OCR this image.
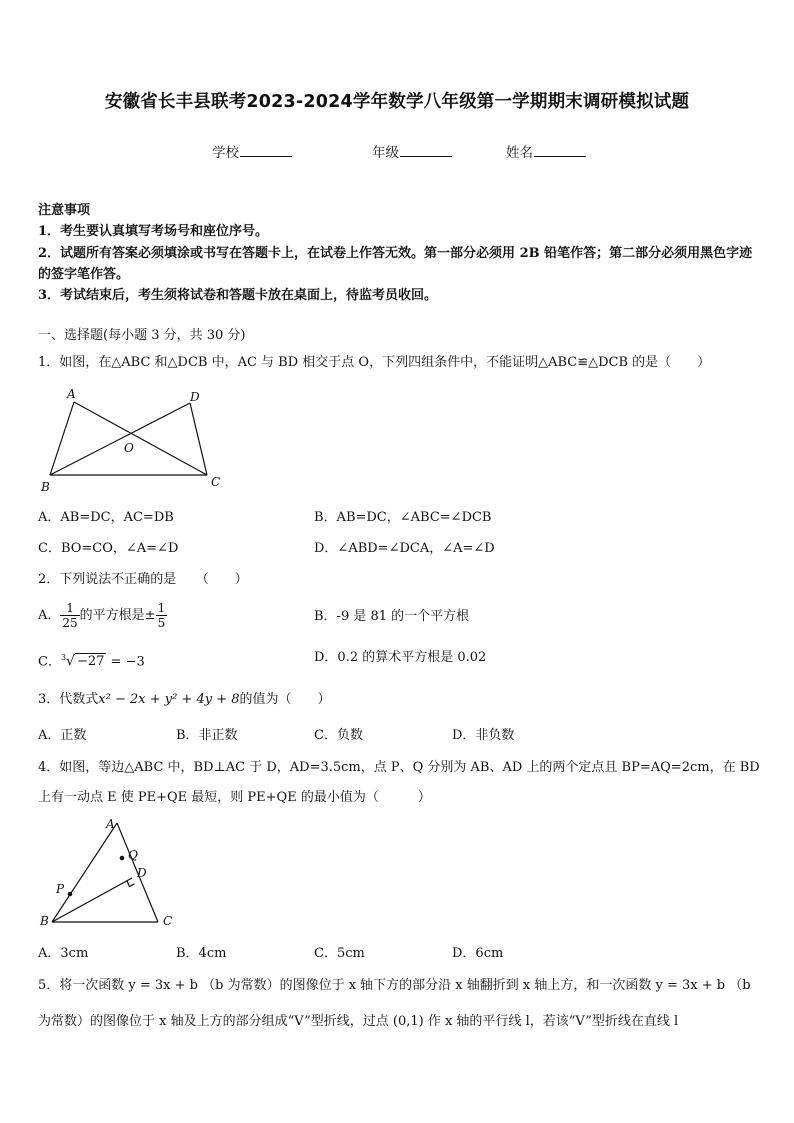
安徽省长丰县联考2023-2024学年数学八年级第一学期期末调研模拟试题
学校	年级	姓名
注意事项
1．考生要认真填写考场号和座位序号。
2．试题所有答案必须填涂或书写在答题卡上，在试卷上作答无效。第一部分必须用 2B 铅笔作答；第二部分必须用黑色字迹的签字笔作答。
3．考试结束后，考生须将试卷和答题卡放在桌面上，待监考员收回。
一、选择题(每小题 3 分，共 30 分)
1．如图，在△ABC 和△DCB 中，AC 与 BD 相交于点 O，下列四组条件中，不能证明△ABC≌△DCB 的是（　　）
A	D
O
B	C
A．AB=DC，AC=DB	B．AB=DC，∠ABC=∠DCB
C．BO=CO，∠A=∠D	D．∠ABD=∠DCA，∠A=∠D
2．下列说法不正确的是　　（　　）
A． $\frac{1}{25}$ 的平方根是± $\frac{1}{5}$	B．-9 是 81 的一个平方根
C．$^3$√ −27 = −3	D．0.2 的算术平方根是 0.02
3．代数式x² − 2x + y² + 4y + 8的值为（　　）
A．正数	B．非正数	C．负数	D．非负数
4．如图，等边△ABC 中，BD⊥AC 于 D，AD=3.5cm，点 P、Q 分别为 AB、AD 上的两个定点且 BP=AQ=2cm，在 BD
上有一动点 E 使 PE+QE 最短，则 PE+QE 的最小值为（　　　）
A
Q
D
P
B	C
A．3cm	B．4cm	C．5cm	D．6cm
5．将一次函数 y = 3x + b （b 为常数）的图像位于 x 轴下方的部分沿 x 轴翻折到 x 轴上方，和一次函数 y = 3x + b （b
为常数）的图像位于 x 轴及上方的部分组成“V”型折线，过点 (0,1) 作 x 轴的平行线 l，若该“V”型折线在直线 l
